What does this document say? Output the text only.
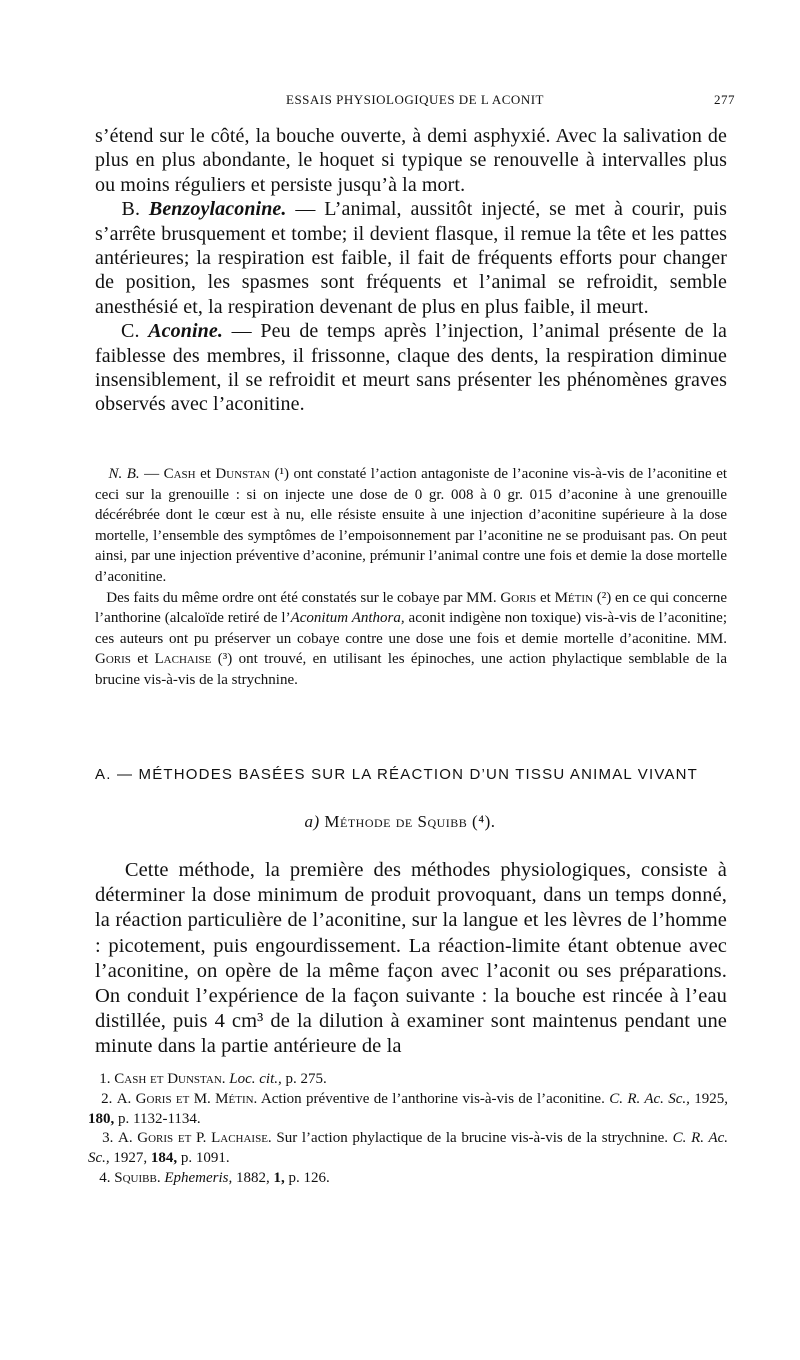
ESSAIS PHYSIOLOGIQUES DE L ACONIT	277

s’étend sur le côté, la bouche ouverte, à demi asphyxié. Avec la salivation de plus en plus abondante, le hoquet si typique se renouvelle à intervalles plus ou moins réguliers et persiste jusqu’à la mort.

B. Benzoylaconine. — L’animal, aussitôt injecté, se met à courir, puis s’arrête brusquement et tombe; il devient flasque, il remue la tête et les pattes antérieures; la respiration est faible, il fait de fréquents efforts pour changer de position, les spasmes sont fréquents et l’animal se refroidit, semble anesthésié et, la respiration devenant de plus en plus faible, il meurt.

C. Aconine. — Peu de temps après l’injection, l’animal présente de la faiblesse des membres, il frissonne, claque des dents, la respiration diminue insensiblement, il se refroidit et meurt sans présenter les phénomènes graves observés avec l’aconitine.

N. B. — Cash et Dunstan (¹) ont constaté l’action antagoniste de l’aconine vis-à-vis de l’aconitine et ceci sur la grenouille : si on injecte une dose de 0 gr. 008 à 0 gr. 015 d’aconine à une grenouille décérébrée dont le cœur est à nu, elle résiste ensuite à une injection d’aconitine supérieure à la dose mortelle, l’ensemble des symptômes de l’empoisonnement par l’aconitine ne se produisant pas. On peut ainsi, par une injection préventive d’aconine, prémunir l’animal contre une fois et demie la dose mortelle d’aconitine.

Des faits du même ordre ont été constatés sur le cobaye par MM. Goris et Métin (²) en ce qui concerne l’anthorine (alcaloïde retiré de l’Aconitum Anthora, aconit indigène non toxique) vis-à-vis de l’aconitine; ces auteurs ont pu préserver un cobaye contre une dose une fois et demie mortelle d’aconitine. MM. Goris et Lachaise (³) ont trouvé, en utilisant les épinoches, une action phylactique semblable de la brucine vis-à-vis de la strychnine.

A. — MÉTHODES BASÉES SUR LA RÉACTION D’UN TISSU ANIMAL VIVANT
a) Méthode de Squibb (⁴).

Cette méthode, la première des méthodes physiologiques, consiste à déterminer la dose minimum de produit provoquant, dans un temps donné, la réaction particulière de l’aconitine, sur la langue et les lèvres de l’homme : picotement, puis engourdissement. La réaction-limite étant obtenue avec l’aconitine, on opère de la même façon avec l’aconit ou ses préparations. On conduit l’expérience de la façon suivante : la bouche est rincée à l’eau distillée, puis 4 cm³ de la dilution à examiner sont maintenus pendant une minute dans la partie antérieure de la

1. Cash et Dunstan. Loc. cit., p. 275.

2. A. Goris et M. Métin. Action préventive de l’anthorine vis-à-vis de l’aconitine. C. R. Ac. Sc., 1925, 180, p. 1132-1134.

3. A. Goris et P. Lachaise. Sur l’action phylactique de la brucine vis-à-vis de la strychnine. C. R. Ac. Sc., 1927, 184, p. 1091.

4. Squibb. Ephemeris, 1882, 1, p. 126.
